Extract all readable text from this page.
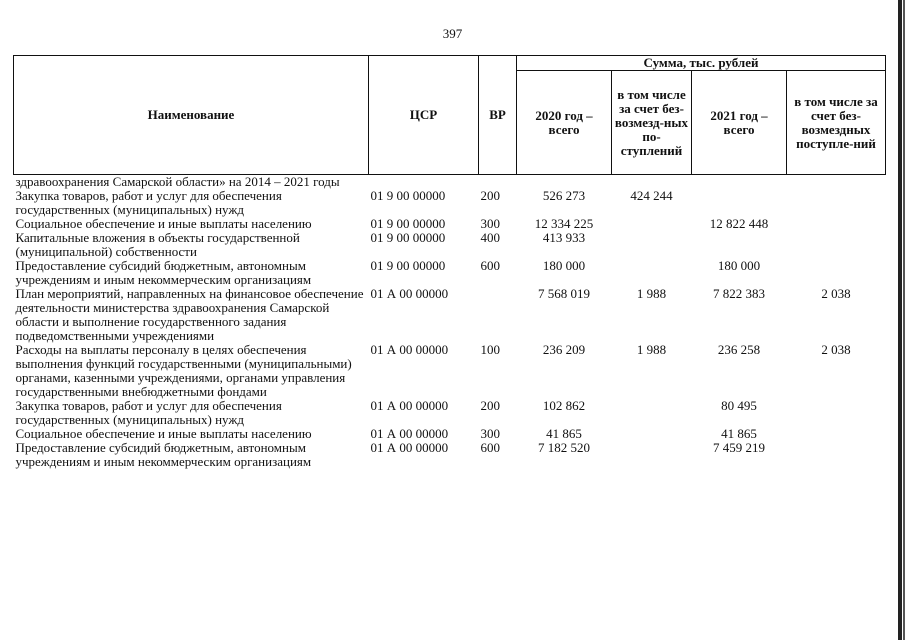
397
Наименование	ЦСР	ВР	Сумма, тыс. рублей			
			2020 год – всего	в том числе за счет без-возмезд-ных по-ступлений	2021 год – всего	в том числе за счет без-возмездных поступле-ний
здравоохранения Самарской области» на 2014 – 2021 годы						
Закупка товаров, работ и услуг для обеспечения государственных (муниципальных) нужд	01 9 00 00000	200	526 273	424 244		
Социальное обеспечение и иные выплаты населению	01 9 00 00000	300	12 334 225		12 822 448	
Капитальные вложения в объекты государственной (муниципальной) собственности	01 9 00 00000	400	413 933			
Предоставление субсидий бюджетным, автономным учреждениям и иным некоммерческим организациям	01 9 00 00000	600	180 000		180 000	
План мероприятий, направленных на финансовое обеспечение деятельности министерства здравоохранения Самарской области и выполнение государственного задания подведомственными учреждениями	01 А 00 00000		7 568 019	1 988	7 822 383	2 038
Расходы на выплаты персоналу в целях обеспечения выполнения функций государственными (муниципальными) органами, казенными учреждениями, органами управления государственными внебюджетными фондами	01 А 00 00000	100	236 209	1 988	236 258	2 038
Закупка товаров, работ и услуг для обеспечения государственных (муниципальных) нужд	01 А 00 00000	200	102 862		80 495	
Социальное обеспечение и иные выплаты населению	01 А 00 00000	300	41 865		41 865	
Предоставление субсидий бюджетным, автономным учреждениям и иным некоммерческим организациям	01 А 00 00000	600	7 182 520		7 459 219	
